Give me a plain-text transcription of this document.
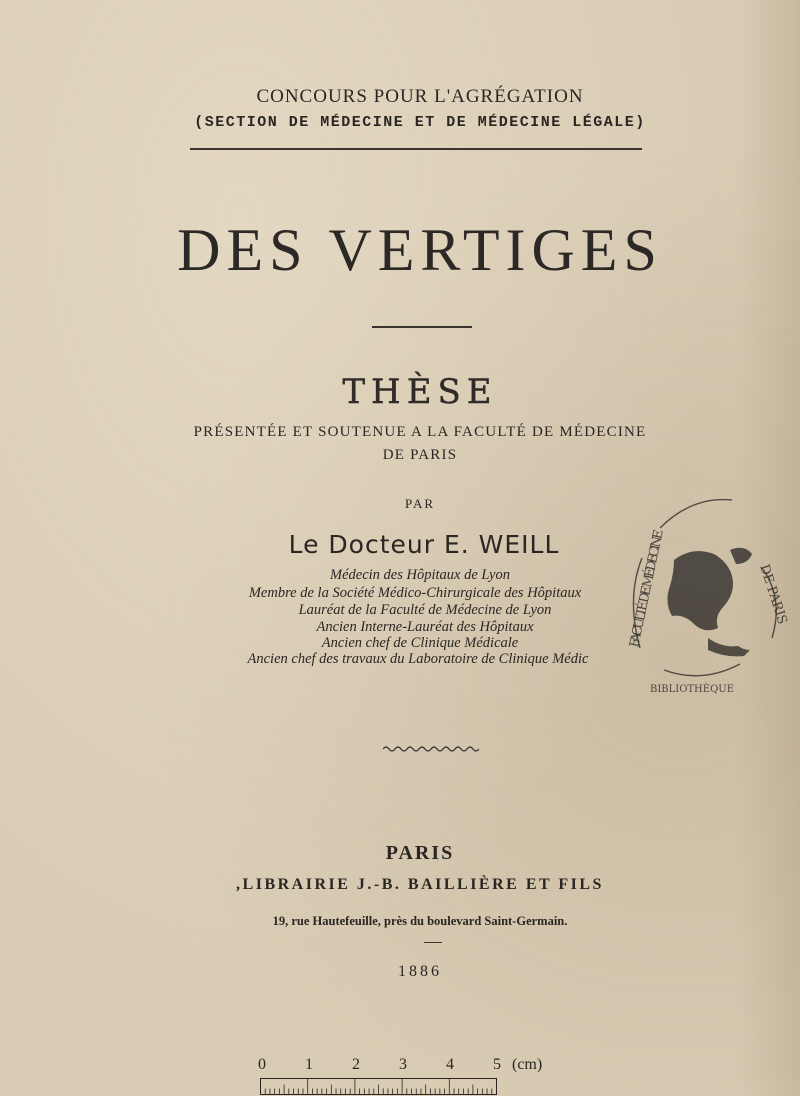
CONCOURS POUR L'AGRÉGATION
(SECTION DE MÉDECINE ET DE MÉDECINE LÉGALE)
DES VERTIGES
THÈSE
PRÉSENTÉE ET SOUTENUE A LA FACULTÉ DE MÉDECINE
DE PARIS
PAR
Le Docteur E. WEILL
Médecin des Hôpitaux de Lyon
Membre de la Société Médico-Chirurgicale des Hôpitaux
Lauréat de la Faculté de Médecine de Lyon
Ancien Interne-Lauréat des Hôpitaux
Ancien chef de Clinique Médicale
Ancien chef des travaux du Laboratoire de Clinique Médic
PARIS
,LIBRAIRIE J.-B. BAILLIÈRE ET FILS
19, rue Hautefeuille, près du boulevard Saint-Germain.
1886
FACULTÉ DE MÉDECINE
DE PARIS
BIBLIOTHÈQUE
0 1 2 3 4 5 (cm)
